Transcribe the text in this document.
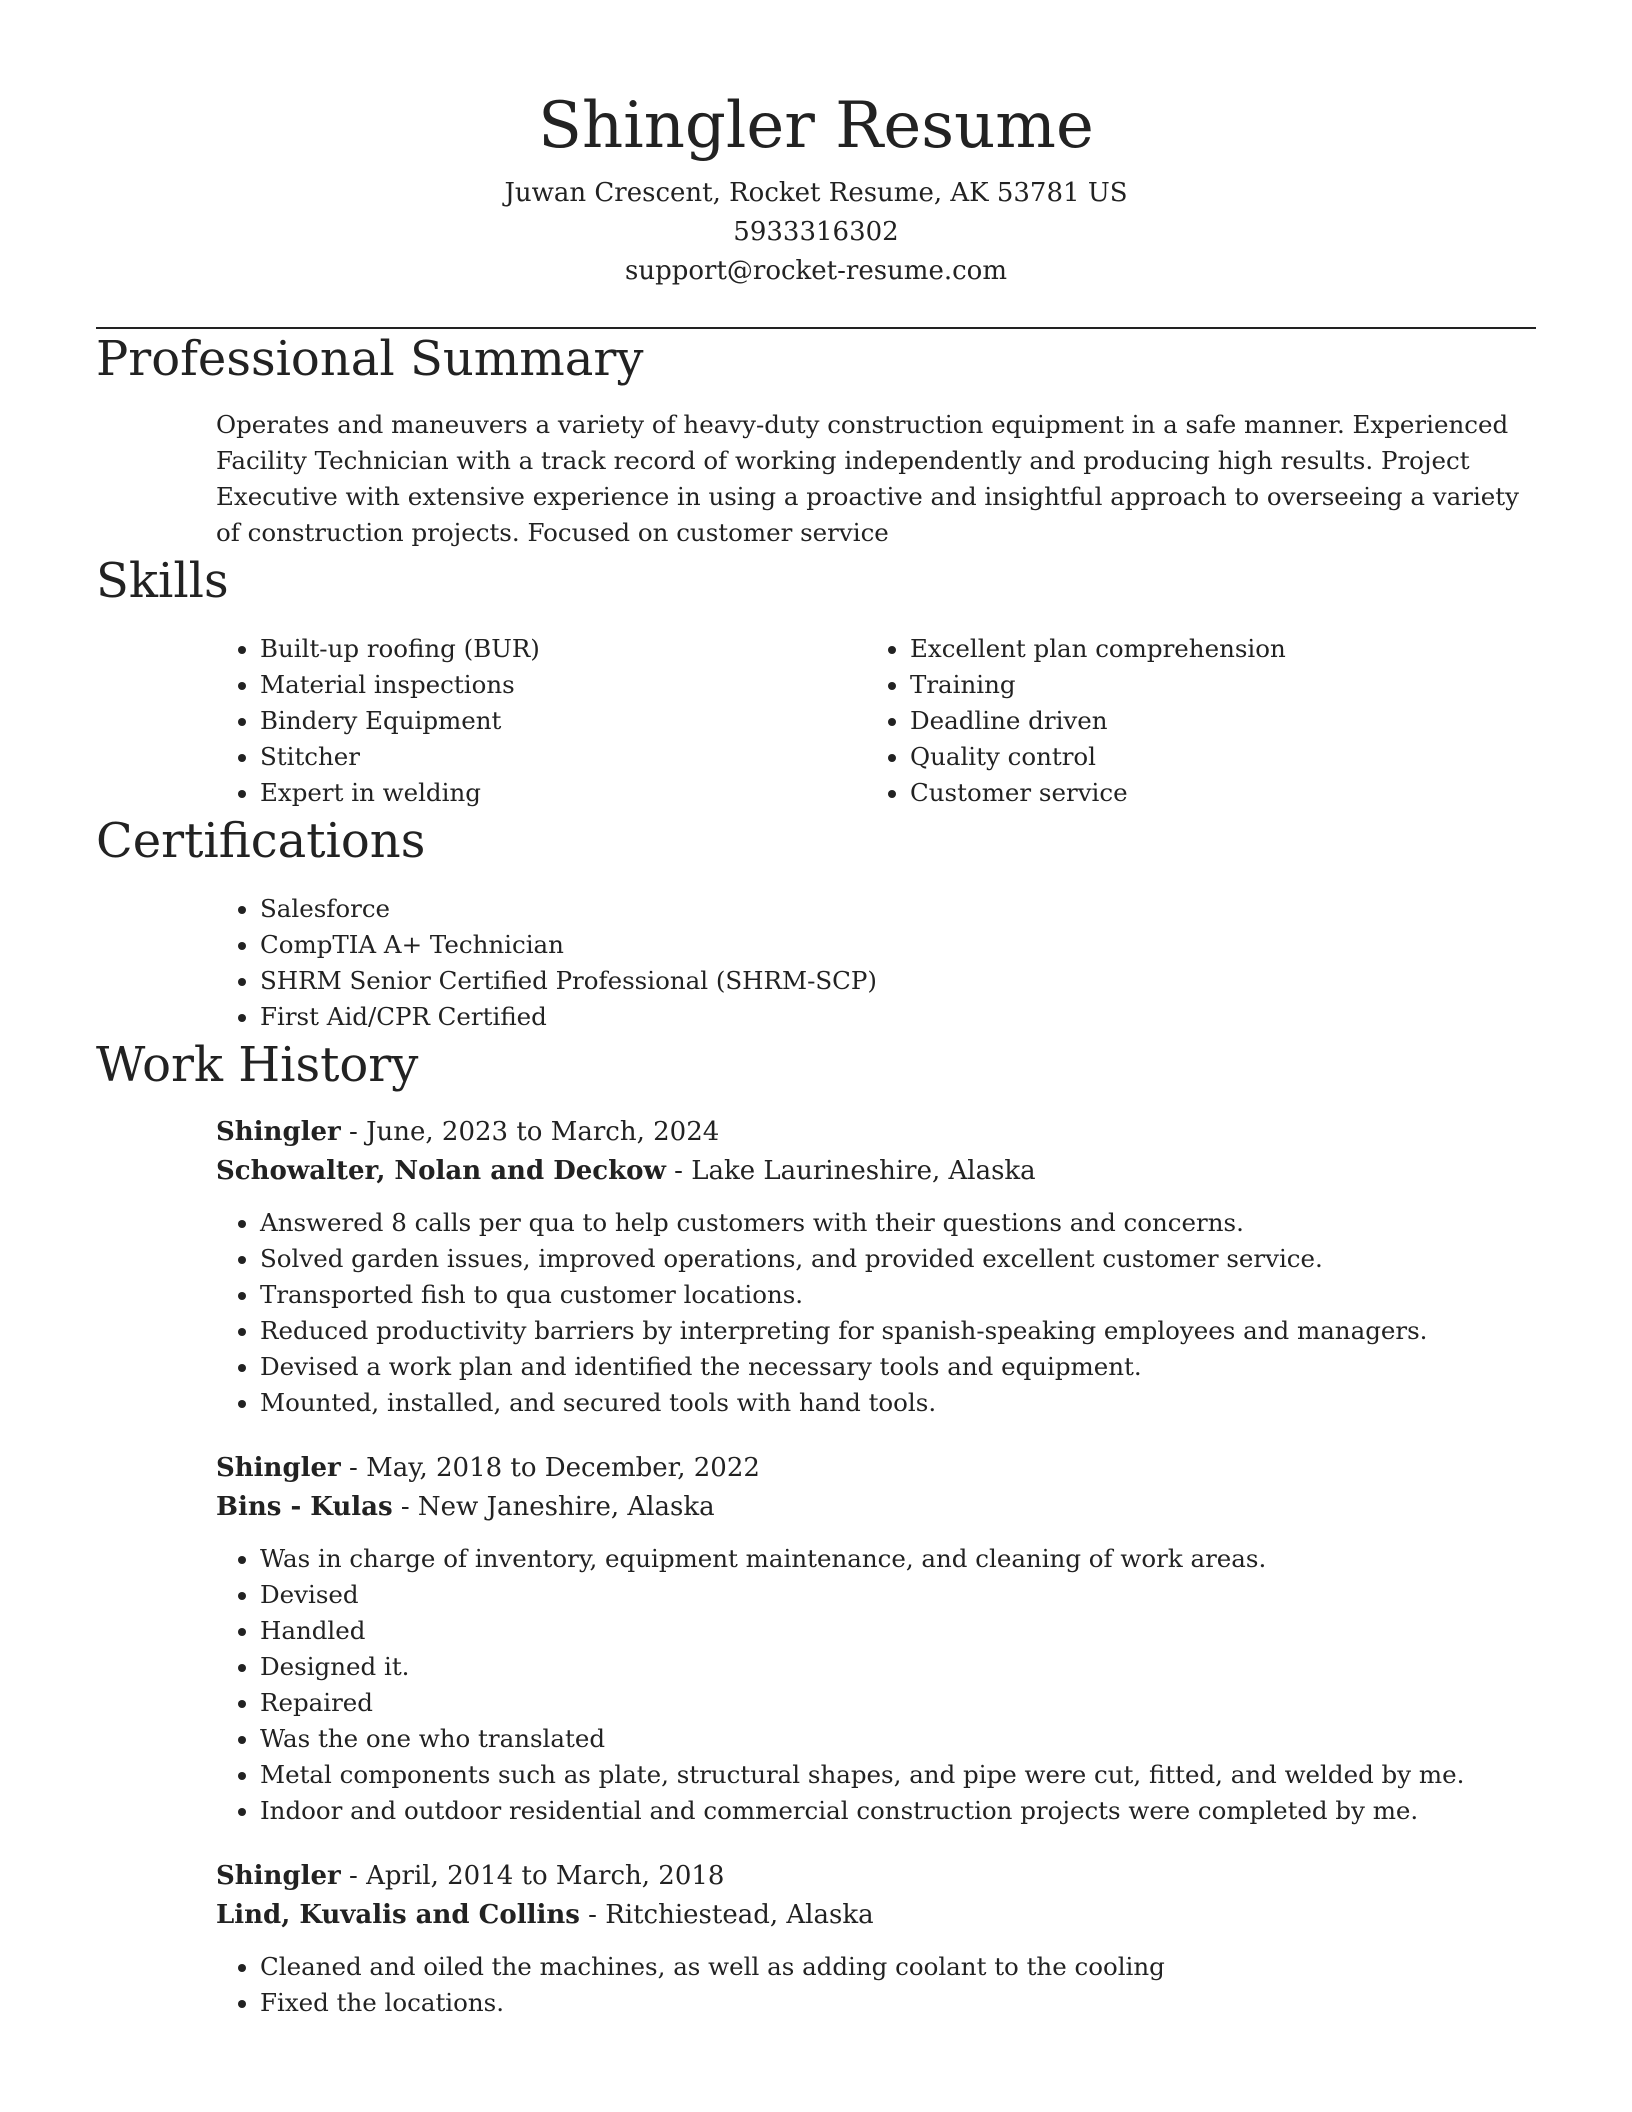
Shingler Resume
Juwan Crescent, Rocket Resume, AK 53781 US
5933316302
support@rocket-resume.com
Professional Summary

Operates and maneuvers a variety of heavy-duty construction equipment in a safe manner. Experienced Facility Technician with a track record of working independently and producing high results. Project Executive with extensive experience in using a proactive and insightful approach to overseeing a variety of construction projects. Focused on customer service

Skills
• Built-up roofing (BUR)
• Material inspections
• Bindery Equipment
• Stitcher
• Expert in welding
• Excellent plan comprehension
• Training
• Deadline driven
• Quality control
• Customer service
Certifications
• Salesforce
• CompTIA A+ Technician
• SHRM Senior Certified Professional (SHRM-SCP)
• First Aid/CPR Certified
Work History
Shingler - June, 2023 to March, 2024
Schowalter, Nolan and Deckow - Lake Laurineshire, Alaska
• Answered 8 calls per qua to help customers with their questions and concerns.
• Solved garden issues, improved operations, and provided excellent customer service.
• Transported fish to qua customer locations.
• Reduced productivity barriers by interpreting for spanish-speaking employees and managers.
• Devised a work plan and identified the necessary tools and equipment.
• Mounted, installed, and secured tools with hand tools.
Shingler - May, 2018 to December, 2022
Bins - Kulas - New Janeshire, Alaska
• Was in charge of inventory, equipment maintenance, and cleaning of work areas.
• Devised
• Handled
• Designed it.
• Repaired
• Was the one who translated
• Metal components such as plate, structural shapes, and pipe were cut, fitted, and welded by me.
• Indoor and outdoor residential and commercial construction projects were completed by me.
Shingler - April, 2014 to March, 2018
Lind, Kuvalis and Collins - Ritchiestead, Alaska
• Cleaned and oiled the machines, as well as adding coolant to the cooling
• Fixed the locations.
